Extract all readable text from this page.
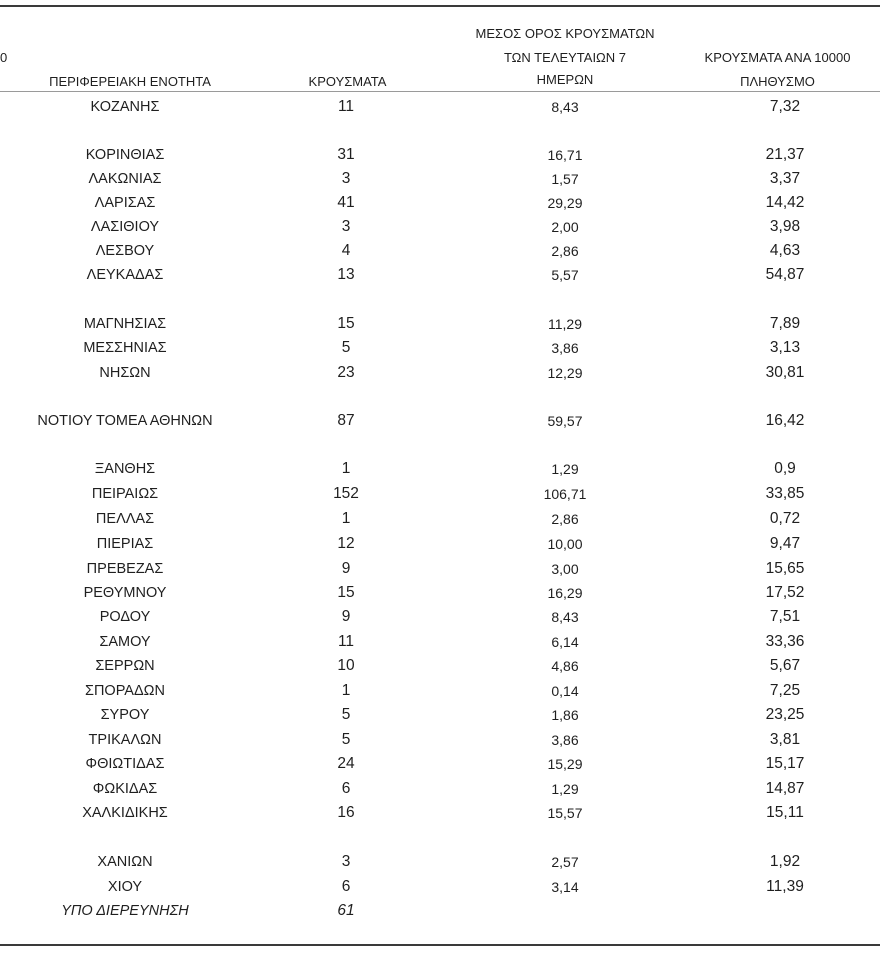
0
ΠΕΡΙΦΕΡΕΙΑΚΗ ΕΝΟΤΗΤΑ	ΚΡΟΥΣΜΑΤΑ
ΜΕΣΟΣ ΟΡΟΣ ΚΡΟΥΣΜΑΤΩΝ
ΤΩΝ ΤΕΛΕΥΤΑΙΩΝ 7
ΗΜΕΡΩΝ
ΚΡΟΥΣΜΑΤΑ ΑΝΑ 10000
ΠΛΗΘΥΣΜΟ
ΚΟΖΑΝΗΣ	11	8,43	7,32
ΚΟΡΙΝΘΙΑΣ	31	16,71	21,37
ΛΑΚΩΝΙΑΣ	3	1,57	3,37
ΛΑΡΙΣΑΣ	41	29,29	14,42
ΛΑΣΙΘΙΟΥ	3	2,00	3,98
ΛΕΣΒΟΥ	4	2,86	4,63
ΛΕΥΚΑΔΑΣ	13	5,57	54,87
ΜΑΓΝΗΣΙΑΣ	15	11,29	7,89
ΜΕΣΣΗΝΙΑΣ	5	3,86	3,13
ΝΗΣΩΝ	23	12,29	30,81
ΝΟΤΙΟΥ ΤΟΜΕΑ ΑΘΗΝΩΝ	87	59,57	16,42
ΞΑΝΘΗΣ	1	1,29	0,9
ΠΕΙΡΑΙΩΣ	152	106,71	33,85
ΠΕΛΛΑΣ	1	2,86	0,72
ΠΙΕΡΙΑΣ	12	10,00	9,47
ΠΡΕΒΕΖΑΣ	9	3,00	15,65
ΡΕΘΥΜΝΟΥ	15	16,29	17,52
ΡΟΔΟΥ	9	8,43	7,51
ΣΑΜΟΥ	11	6,14	33,36
ΣΕΡΡΩΝ	10	4,86	5,67
ΣΠΟΡΑΔΩΝ	1	0,14	7,25
ΣΥΡΟΥ	5	1,86	23,25
ΤΡΙΚΑΛΩΝ	5	3,86	3,81
ΦΘΙΩΤΙΔΑΣ	24	15,29	15,17
ΦΩΚΙΔΑΣ	6	1,29	14,87
ΧΑΛΚΙΔΙΚΗΣ	16	15,57	15,11
ΧΑΝΙΩΝ	3	2,57	1,92
ΧΙΟΥ	6	3,14	11,39
ΥΠΟ ΔΙΕΡΕΥΝΗΣΗ	61
